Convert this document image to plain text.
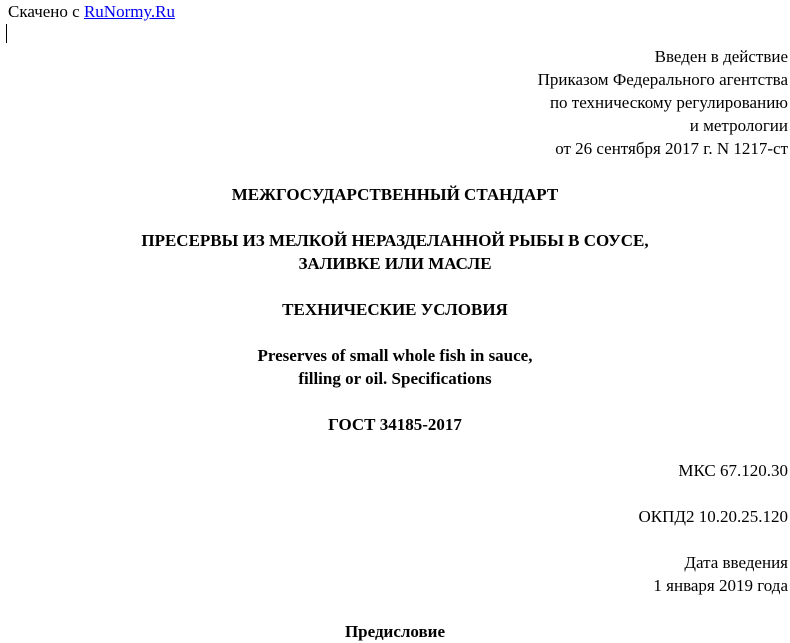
Скачено с RuNormy.Ru
Введен в действие
Приказом Федерального агентства
по техническому регулированию
и метрологии
от 26 сентября 2017 г. N 1217-ст
МЕЖГОСУДАРСТВЕННЫЙ СТАНДАРТ
ПРЕСЕРВЫ ИЗ МЕЛКОЙ НЕРАЗДЕЛАННОЙ РЫБЫ В СОУСЕ,
ЗАЛИВКЕ ИЛИ МАСЛЕ
ТЕХНИЧЕСКИЕ УСЛОВИЯ
Preserves of small whole fish in sauce,
filling or oil. Specifications
ГОСТ 34185-2017
МКС 67.120.30
ОКПД2 10.20.25.120
Дата введения
1 января 2019 года
Предисловие
